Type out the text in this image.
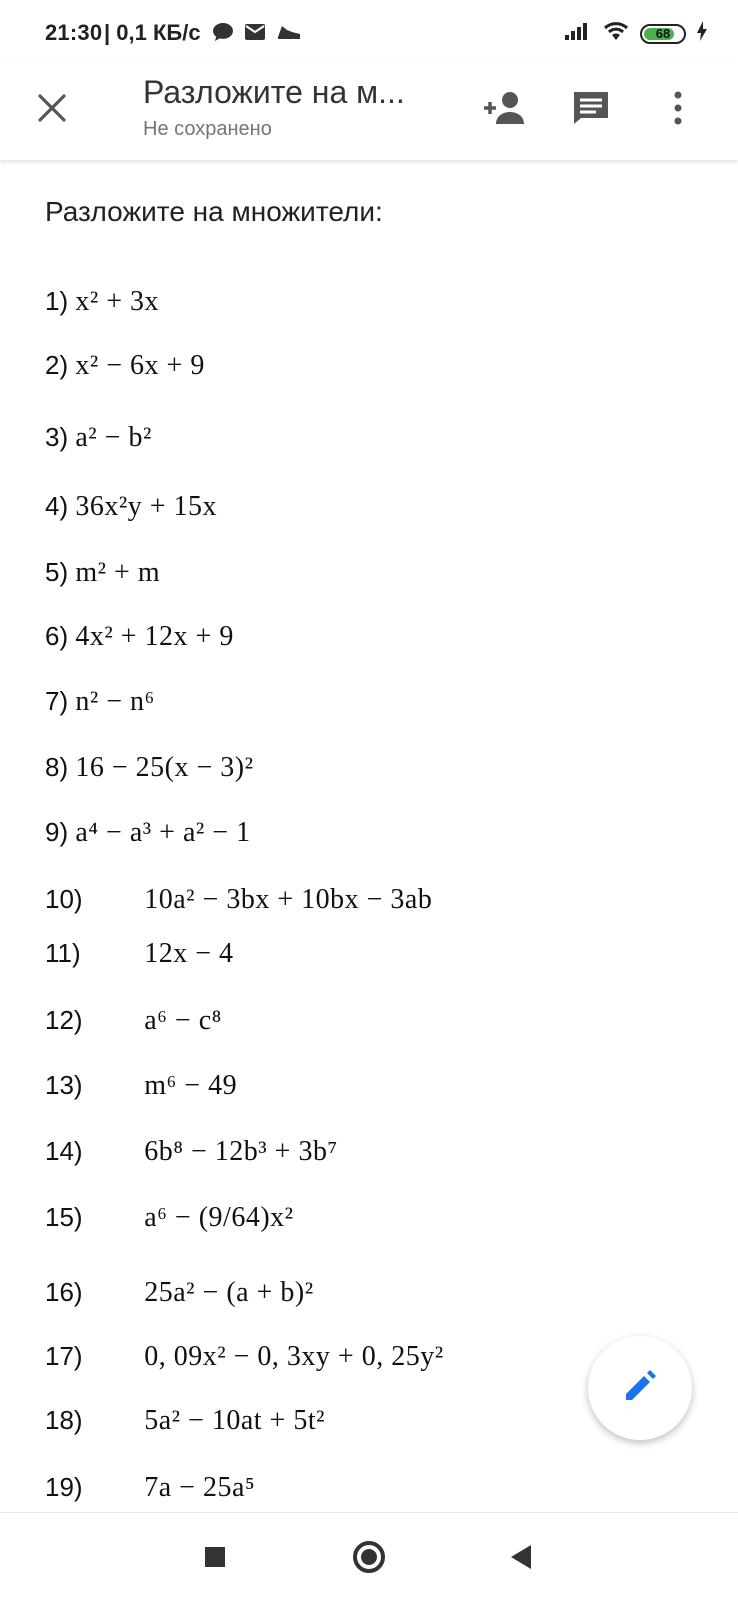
21:30 | 0,1 КБ/с	68
Разложите на м...
Не сохранено
Разложите на множители:
1) x² + 3x
2) x² − 6x + 9
3) a² − b²
4) 36x²y + 15x
5) m² + m
6) 4x² + 12x + 9
7) n² − n⁶
8) 16 − 25(x − 3)²
9) a⁴ − a³ + a² − 1
10) 10a² − 3bx + 10bx − 3ab
11) 12x − 4
12) a⁶ − c⁸
13) m⁶ − 49
14) 6b⁸ − 12b³ + 3b⁷
15) a⁶ − (9/64)x²
16) 25a² − (a + b)²
17) 0, 09x² − 0, 3xy + 0, 25y²
18) 5a² − 10at + 5t²
19) 7a − 25a⁵
